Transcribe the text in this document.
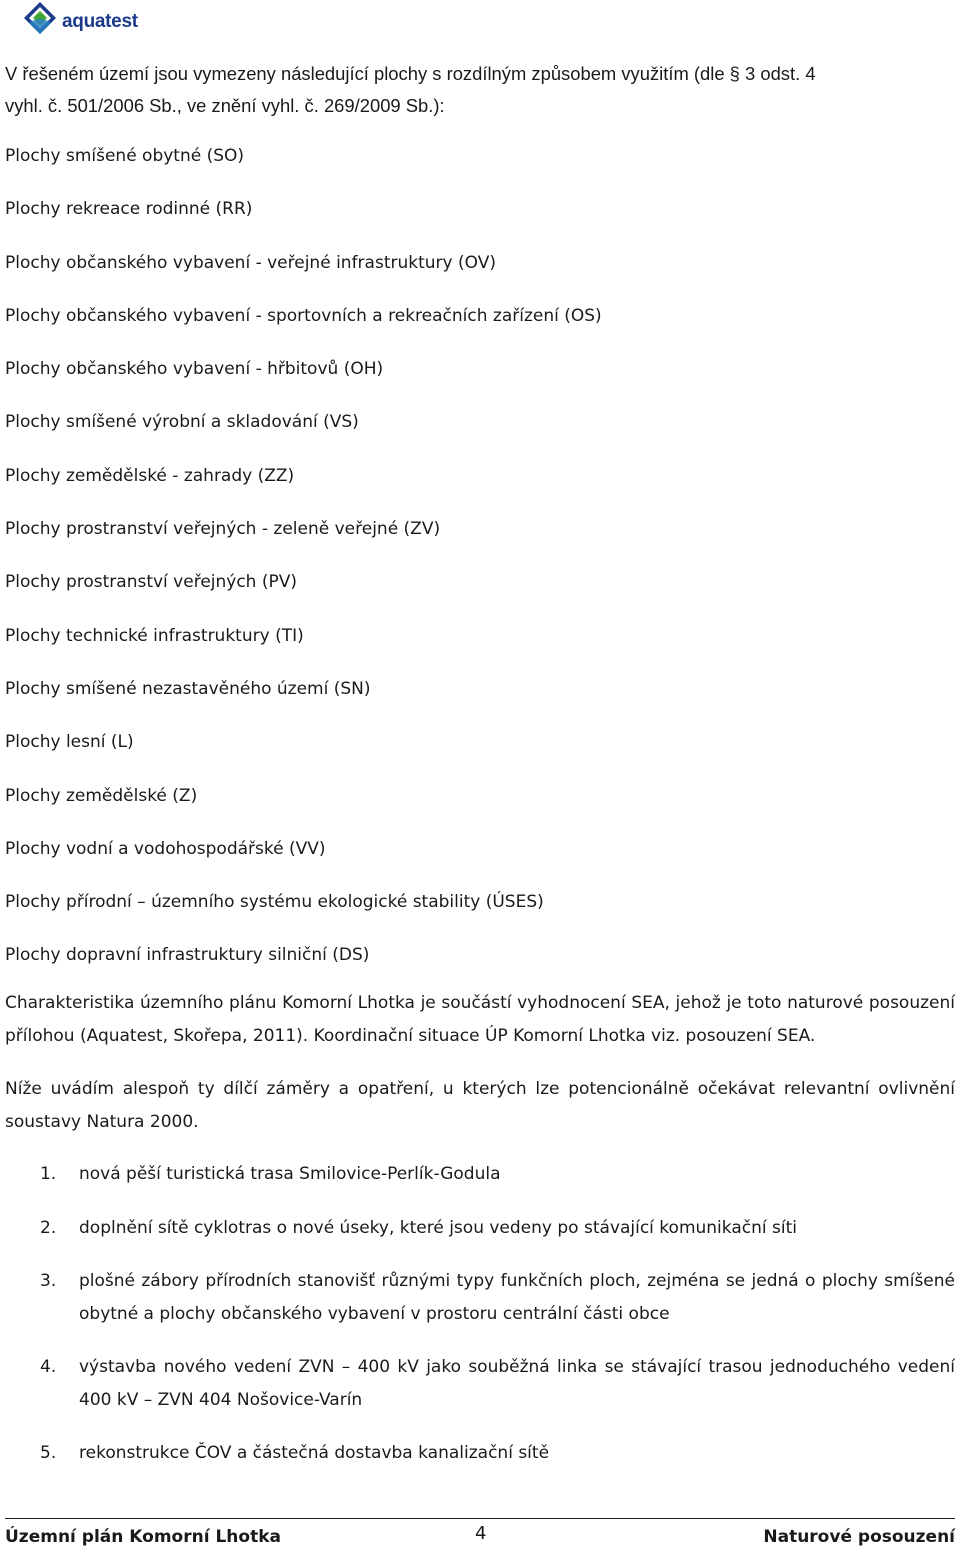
aquatest
V řešeném území jsou vymezeny následující plochy s rozdílným způsobem využitím (dle § 3 odst. 4
vyhl. č. 501/2006 Sb., ve znění vyhl. č. 269/2009 Sb.):
Plochy smíšené obytné (SO)
Plochy rekreace rodinné (RR)
Plochy občanského vybavení - veřejné infrastruktury (OV)
Plochy občanského vybavení - sportovních a rekreačních zařízení (OS)
Plochy občanského vybavení - hřbitovů (OH)
Plochy smíšené výrobní a skladování (VS)
Plochy zemědělské - zahrady (ZZ)
Plochy prostranství veřejných - zeleně veřejné (ZV)
Plochy prostranství veřejných (PV)
Plochy technické infrastruktury (TI)
Plochy smíšené nezastavěného území (SN)
Plochy lesní (L)
Plochy zemědělské (Z)
Plochy vodní a vodohospodářské (VV)
Plochy přírodní – územního systému ekologické stability (ÚSES)
Plochy dopravní infrastruktury silniční (DS)

Charakteristika územního plánu Komorní Lhotka je součástí vyhodnocení SEA, jehož je toto naturové posouzení přílohou (Aquatest, Skořepa, 2011). Koordinační situace ÚP Komorní Lhotka viz. posouzení SEA.

Níže uvádím alespoň ty dílčí záměry a opatření, u kterých lze potencionálně očekávat relevantní ovlivnění soustavy Natura 2000.

1.	nová pěší turistická trasa Smilovice-Perlík-Godula
2.	doplnění sítě cyklotras o nové úseky, které jsou vedeny po stávající komunikační síti
3.	plošné zábory přírodních stanovišť různými typy funkčních ploch, zejména se jedná o plochy smíšené obytné a plochy občanského vybavení v prostoru centrální části obce
4.	výstavba nového vedení ZVN – 400 kV jako souběžná linka se stávající trasou jednoduchého vedení 400 kV – ZVN 404 Nošovice-Varín
5.	rekonstrukce ČOV a částečná dostavba kanalizační sítě
Územní plán Komorní Lhotka	4	Naturové posouzení
